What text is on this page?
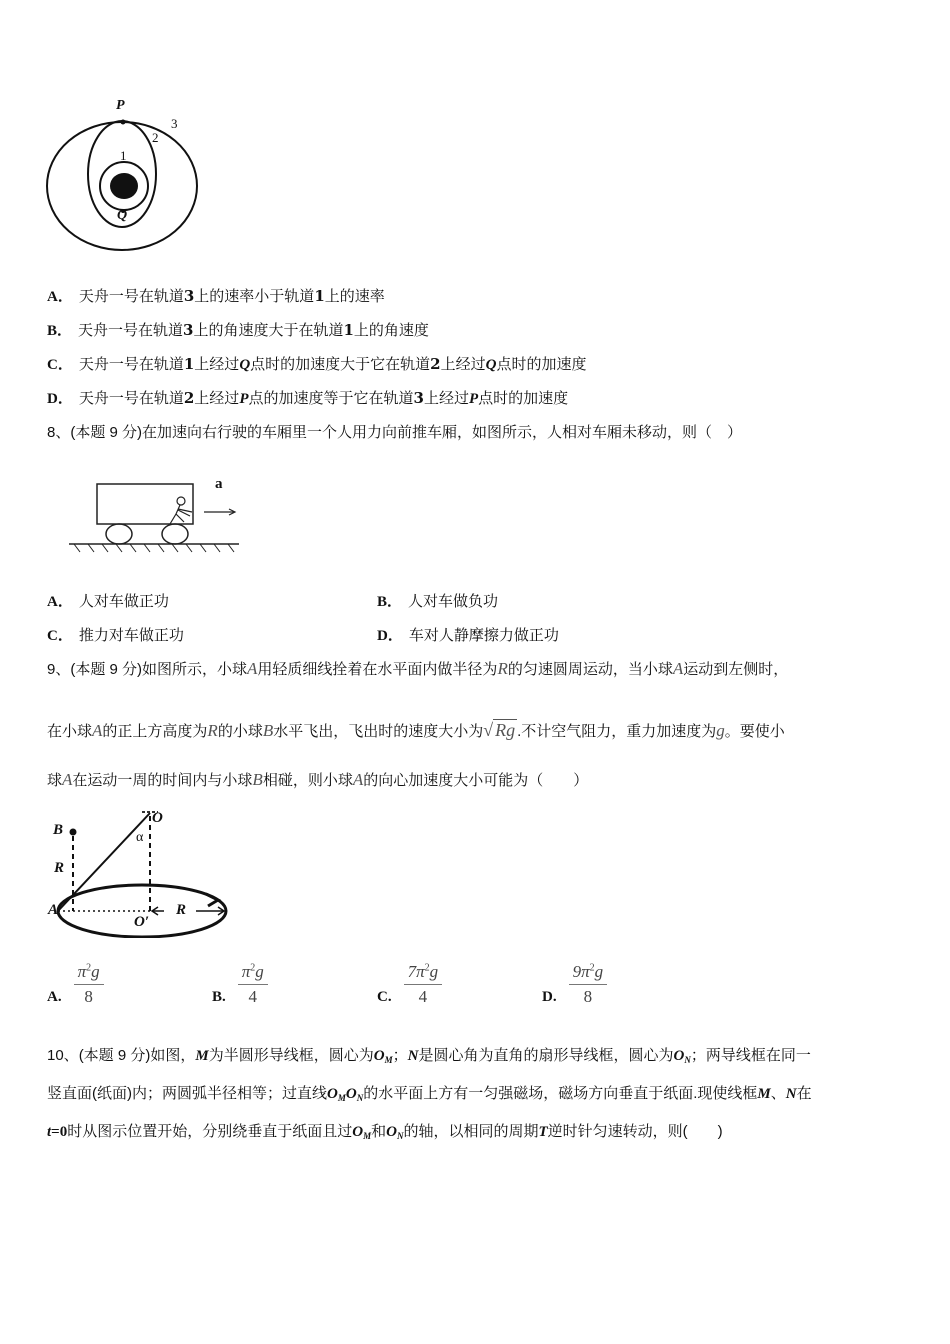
P
3
2
1
Q
A． 天舟一号在轨道3上的速率小于轨道1上的速率
B． 天舟一号在轨道3上的角速度大于在轨道1上的角速度
C． 天舟一号在轨道1上经过Q点时的加速度大于它在轨道2上经过Q点时的加速度
D． 天舟一号在轨道2上经过P点的加速度等于它在轨道3上经过P点时的加速度
8、(本题 9 分)在加速向右行驶的车厢里一个人用力向前推车厢，如图所示，人相对车厢未移动，则（　）
a
A． 人对车做正功	B． 人对车做负功
C． 推力对车做正功	D． 车对人静摩擦力做正功
9、(本题 9 分)如图所示，小球A用轻质细线拴着在水平面内做半径为R的匀速圆周运动，当小球A运动到左侧时，
在小球A的正上方高度为R的小球B水平飞出，飞出时的速度大小为√ Rg .不计空气阻力，重力加速度为g。要使小
球A在运动一周的时间内与小球B相碰，则小球A的向心加速度大小可能为（　　）
B
O
α
R
A
O′
R
A. $\frac{\pi^2g}{8}$	B. $\frac{\pi^2g}{4}$	C. $\frac{7\pi^2g}{4}$	D. $\frac{9\pi^2g}{8}$
10、(本题 9 分)如图，M为半圆形导线框，圆心为$O_M$；N是圆心角为直角的扇形导线框，圆心为$O_N$；两导线框在同一
竖直面(纸面)内；两圆弧半径相等；过直线$O_MO_N$的水平面上方有一匀强磁场，磁场方向垂直于纸面.现使线框M、N在
t=0时从图示位置开始，分别绕垂直于纸面且过$O_M$和$O_N$的轴，以相同的周期T逆时针匀速转动，则(　　)
